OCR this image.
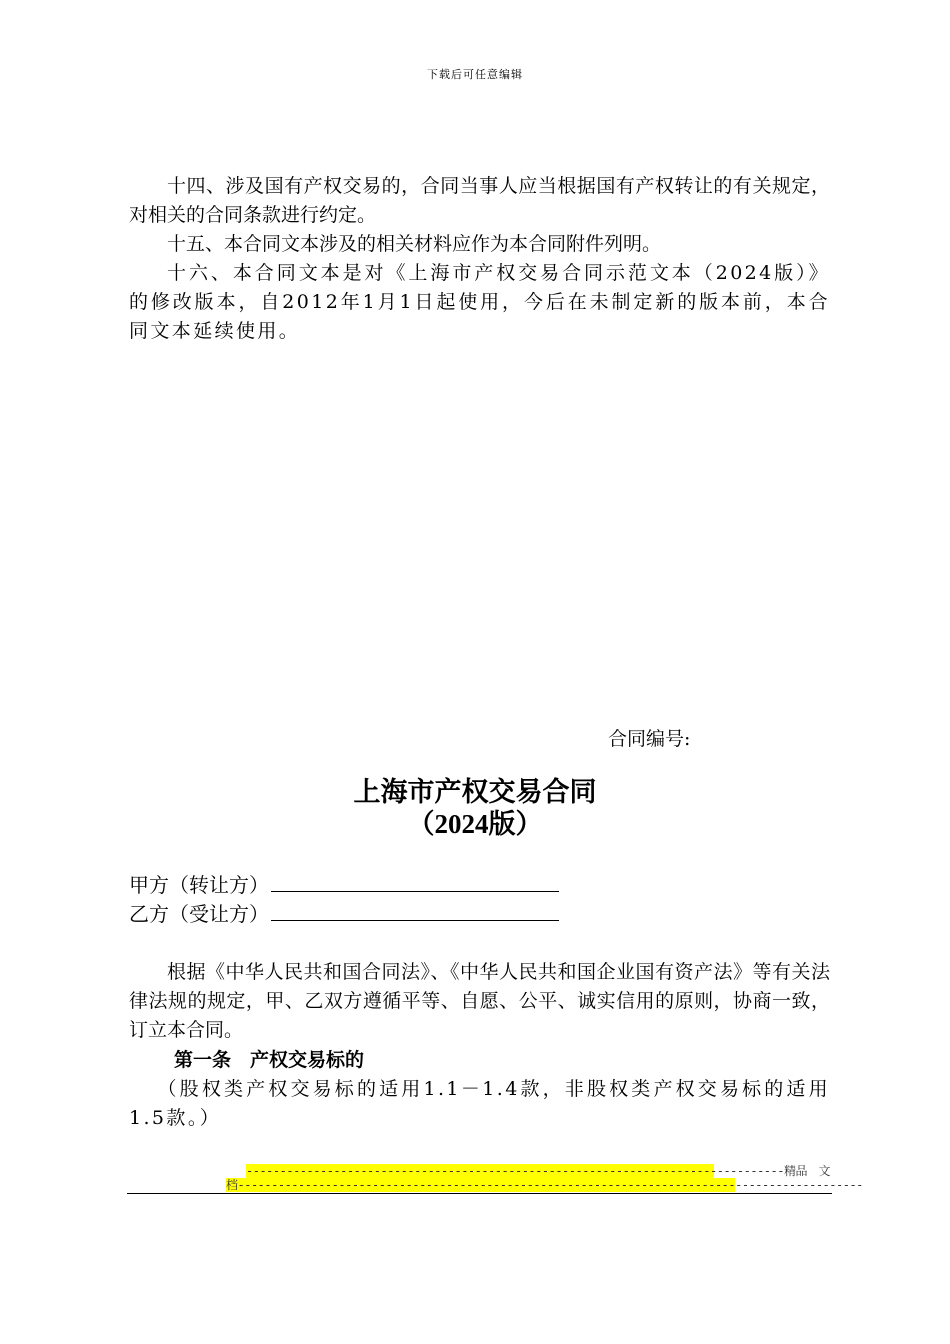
下载后可任意编辑

十四、涉及国有产权交易的，合同当事人应当根据国有产权转让的有关规定，对相关的合同条款进行约定。

十五、本合同文本涉及的相关材料应作为本合同附件列明。

十六、本合同文本是对《上海市产权交易合同示范文本（2024版）》的修改版本，自2012年1月1日起使用，今后在未制定新的版本前，本合同文本延续使用。

合同编号:
上海市产权交易合同
（2024版）
甲方（转让方）
乙方（受让方）

根据《中华人民共和国合同法》、《中华人民共和国企业国有资产法》等有关法律法规的规定，甲、乙双方遵循平等、自愿、公平、诚实信用的原则，协商一致，订立本合同。

第一条　产权交易标的

（股权类产权交易标的适用1.1－1.4款，非股权类产权交易标的适用1.5款。）

--------------------------------------------------------------------------------精品　文
档---------------------------------------------------------------------------------------------
